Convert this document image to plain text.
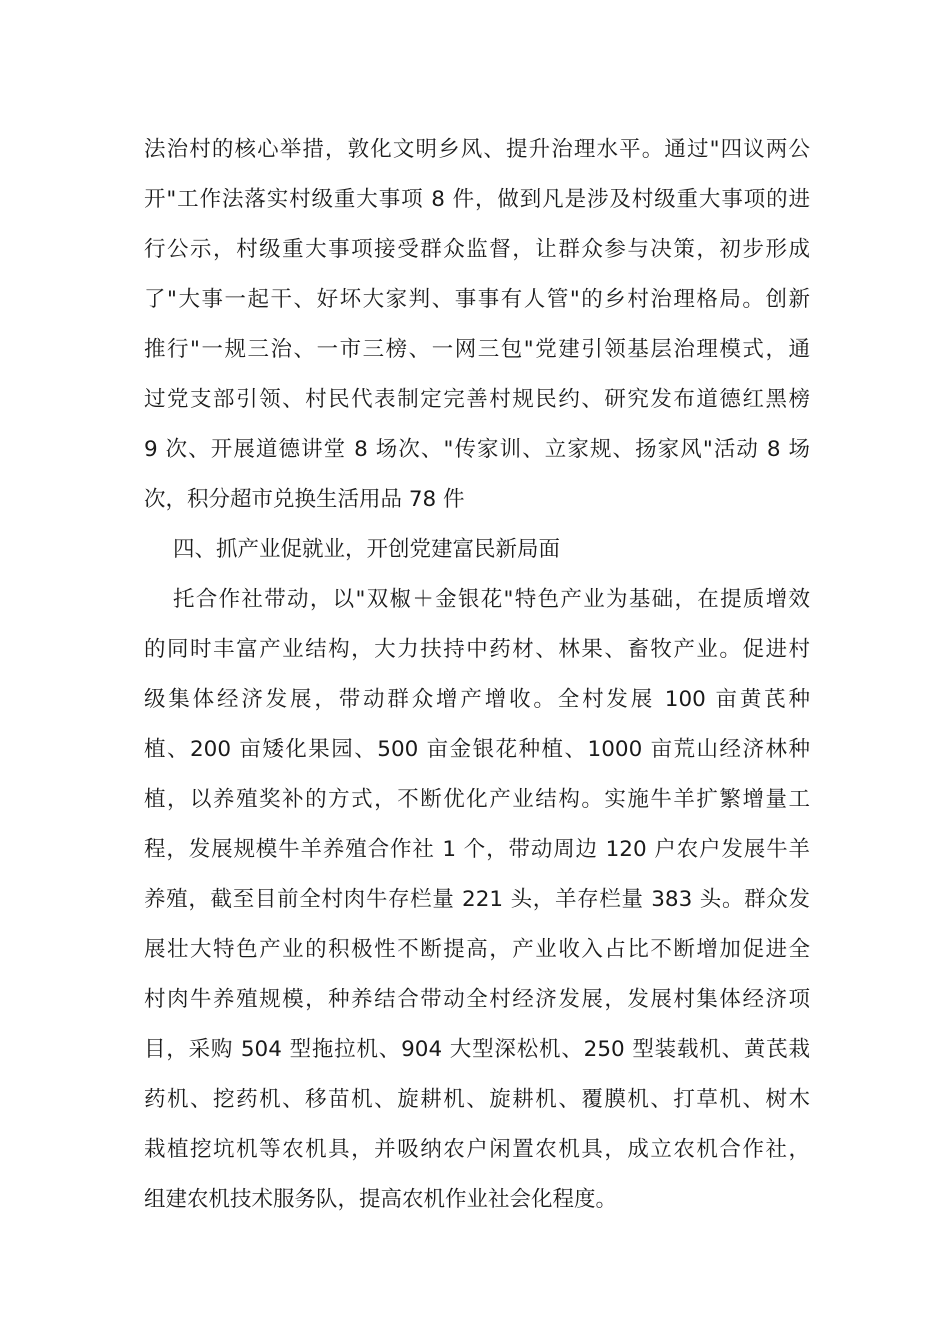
法治村的核心举措，敦化文明乡风、提升治理水平。通过"四议两公
开"工作法落实村级重大事项 8 件，做到凡是涉及村级重大事项的进
行公示，村级重大事项接受群众监督，让群众参与决策，初步形成
了"大事一起干、好坏大家判、事事有人管"的乡村治理格局。创新
推行"一规三治、一市三榜、一网三包"党建引领基层治理模式，通
过党支部引领、村民代表制定完善村规民约、研究发布道德红黑榜
9 次、开展道德讲堂 8 场次、"传家训、立家规、扬家风"活动 8 场
次，积分超市兑换生活用品 78 件
四、抓产业促就业，开创党建富民新局面
托合作社带动，以"双椒＋金银花"特色产业为基础，在提质增效
的同时丰富产业结构，大力扶持中药材、林果、畜牧产业。促进村
级集体经济发展，带动群众增产增收。全村发展 100 亩黄芪种
植、200 亩矮化果园、500 亩金银花种植、1000 亩荒山经济林种
植，以养殖奖补的方式，不断优化产业结构。实施牛羊扩繁增量工
程，发展规模牛羊养殖合作社 1 个，带动周边 120 户农户发展牛羊
养殖，截至目前全村肉牛存栏量 221 头，羊存栏量 383 头。群众发
展壮大特色产业的积极性不断提高，产业收入占比不断增加促进全
村肉牛养殖规模，种养结合带动全村经济发展，发展村集体经济项
目，采购 504 型拖拉机、904 大型深松机、250 型装载机、黄芪栽
药机、挖药机、移苗机、旋耕机、旋耕机、覆膜机、打草机、树木
栽植挖坑机等农机具，并吸纳农户闲置农机具，成立农机合作社，
组建农机技术服务队，提高农机作业社会化程度。
